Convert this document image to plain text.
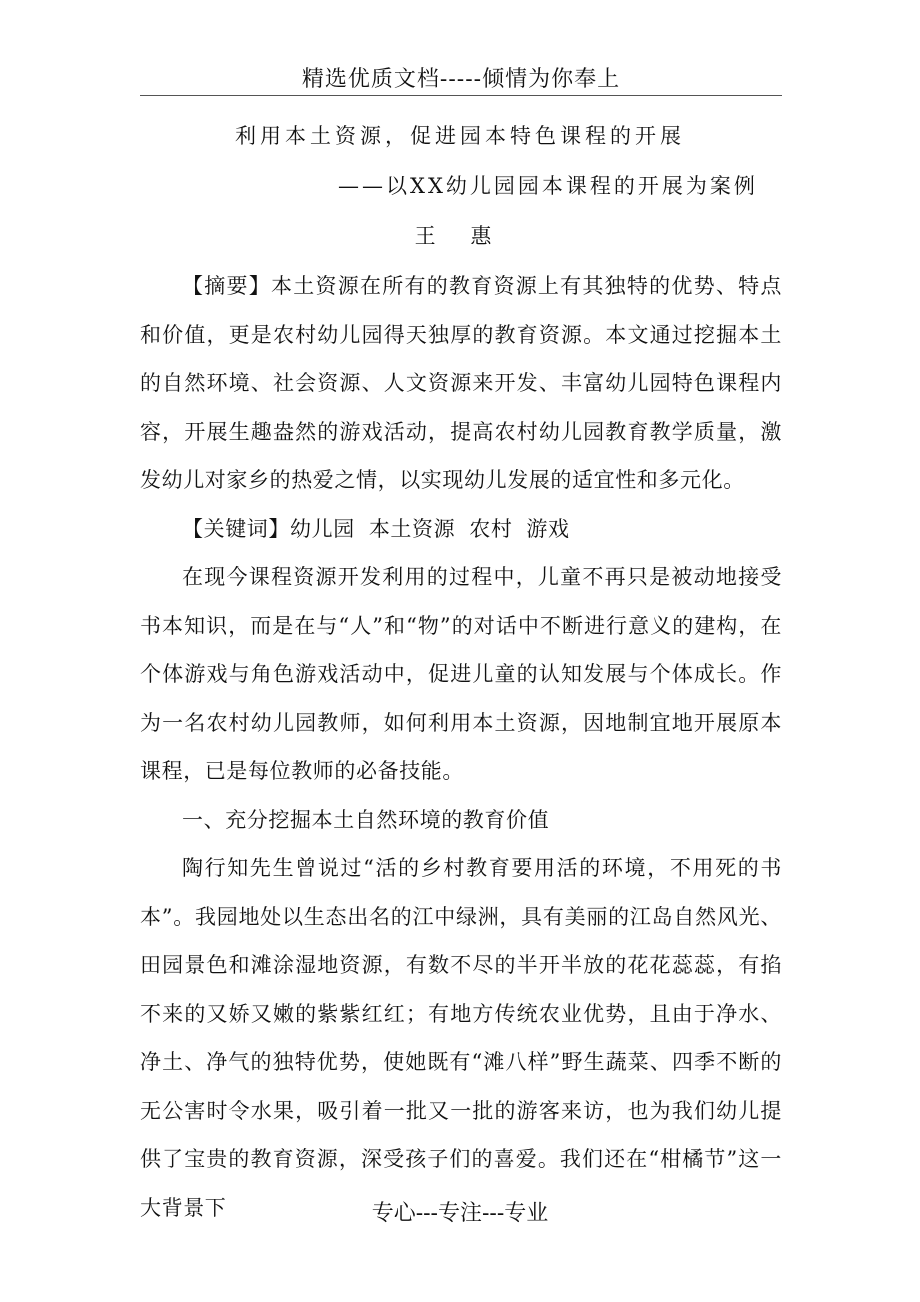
精选优质文档-----倾情为你奉上
利用本土资源，促进园本特色课程的开展
——以XX幼儿园园本课程的开展为案例
王 惠

【摘要】本土资源在所有的教育资源上有其独特的优势、特点和价值，更是农村幼儿园得天独厚的教育资源。本文通过挖掘本土的自然环境、社会资源、人文资源来开发、丰富幼儿园特色课程内容，开展生趣盎然的游戏活动，提高农村幼儿园教育教学质量，激发幼儿对家乡的热爱之情，以实现幼儿发展的适宜性和多元化。

【关键词】幼儿园 本土资源 农村 游戏

在现今课程资源开发利用的过程中，儿童不再只是被动地接受书本知识，而是在与“人”和“物”的对话中不断进行意义的建构，在个体游戏与角色游戏活动中，促进儿童的认知发展与个体成长。作为一名农村幼儿园教师，如何利用本土资源，因地制宜地开展原本课程，已是每位教师的必备技能。

一、充分挖掘本土自然环境的教育价值

陶行知先生曾说过“活的乡村教育要用活的环境，不用死的书本”。我园地处以生态出名的江中绿洲，具有美丽的江岛自然风光、田园景色和滩涂湿地资源，有数不尽的半开半放的花花蕊蕊，有掐不来的又娇又嫩的紫紫红红；有地方传统农业优势，且由于净水、净土、净气的独特优势，使她既有“滩八样”野生蔬菜、四季不断的无公害时令水果，吸引着一批又一批的游客来访，也为我们幼儿提供了宝贵的教育资源，深受孩子们的喜爱。我们还在“柑橘节”这一大背景下	专心---专注---专业
